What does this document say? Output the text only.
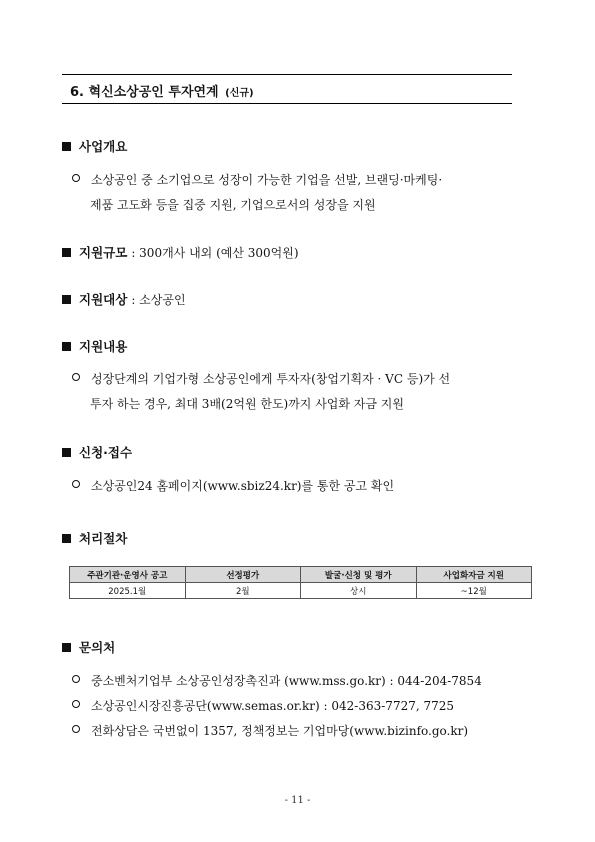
6. 혁신소상공인 투자연계 (신규)
사업개요
소상공인 중 소기업으로 성장이 가능한 기업을 선발, 브랜딩·마케팅·
제품 고도화 등을 집중 지원, 기업으로서의 성장을 지원
지원규모 : 300개사 내외 (예산 300억원)
지원대상 : 소상공인
지원내용
성장단계의 기업가형 소상공인에게 투자자(창업기획자 · VC 등)가 선
투자 하는 경우, 최대 3배(2억원 한도)까지 사업화 자금 지원
신청·접수
소상공인24 홈페이지(www.sbiz24.kr)를 통한 공고 확인
처리절차
주관기관·운영사 공고	선정평가	발굴·신청 및 평가	사업화자금 지원
2025.1월	2월	상시	~12월
문의처
중소벤처기업부 소상공인성장촉진과 (www.mss.go.kr) : 044-204-7854
소상공인시장진흥공단(www.semas.or.kr) : 042-363-7727, 7725
전화상담은 국번없이 1357, 정책정보는 기업마당(www.bizinfo.go.kr)
- 11 -
